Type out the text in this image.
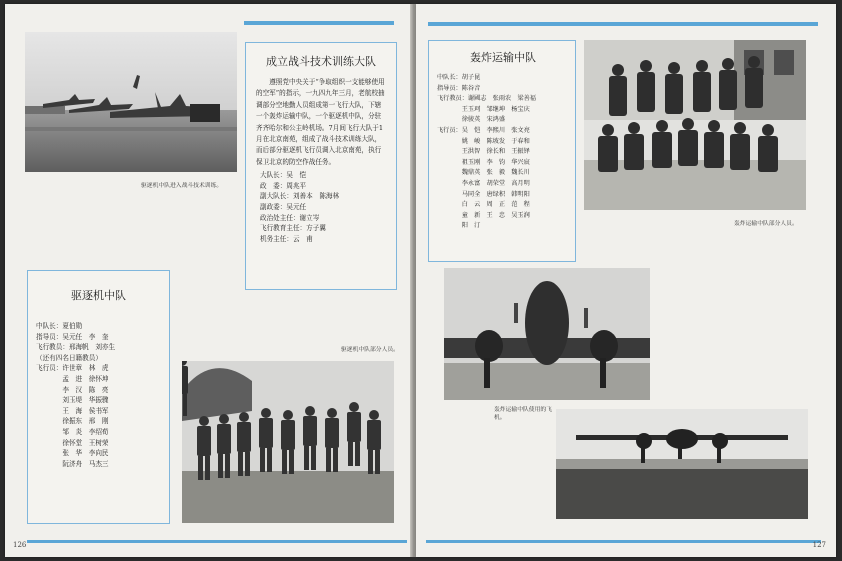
驱逐机中队进入战斗技术训练。
成立战斗技术训练大队
遵照党中央关于“争取组织一支能够使用的空军”的指示，一九四九年三月，老航校抽调部分空地勤人员组成第一飞行大队，下辖一个轰炸运输中队，一个驱逐机中队，分驻齐齐哈尔和公主岭机场。7月间飞行大队于1月在北京南苑，组成了战斗技术训练大队，而后部分驱逐机飞行员调入北京南苑，执行保卫北京的防空作战任务。
大队长：吴　恺
政　委：周兆平
副大队长：刘善本　陈海林
副政委：吴元任
政治处主任：谢立岑
飞行教育主任：方子翼
机务主任：云　甫
驱逐机中队
中队长：夏伯勋
指导员：吴元任　李　奎
飞行教员：邢海帆　刘亦生
（还有四名日籍教员）
飞行员：许世章　林　虎
　　　　孟　进　徐怀坤
　　　　李　汉　陈　亮
　　　　刘玉堤　华振骤
　　　　王　海　侯书军
　　　　徐振东　邢　刚
　　　　邹　炎　李绍荀
　　　　徐怀堂　王树荣
　　　　张　华　李向民
　　　　阮济舟　马杰三
驱逐机中队部分人员。
126
轰炸运输中队
中队长：胡子昆
指导员：陈谷音
飞行教员：谢國志　张雨农　梁善福
　　　　王玉珂　邹继坤　杨宝庆
　　　　徐骏英　宋鸿盛
飞行员：吴　恺　李熙川　张文亮
　　　　姚　峻　陈坡发　于春和
　　　　王洪智　徐长和　王振铎
　　　　祖玉刚　李　钧　华兴宸
　　　　魏鼎英　张　毅　魏长川
　　　　李永富　胡荣堂　高月明
　　　　马同全　唐绿积　韩明阳
　　　　白　云　周　正　范　程
　　　　童　新　王　忠　吴玉润
　　　　阳　汀	轰炸运输中队部分人员。
轰炸运输中队使用的飞机。
127
